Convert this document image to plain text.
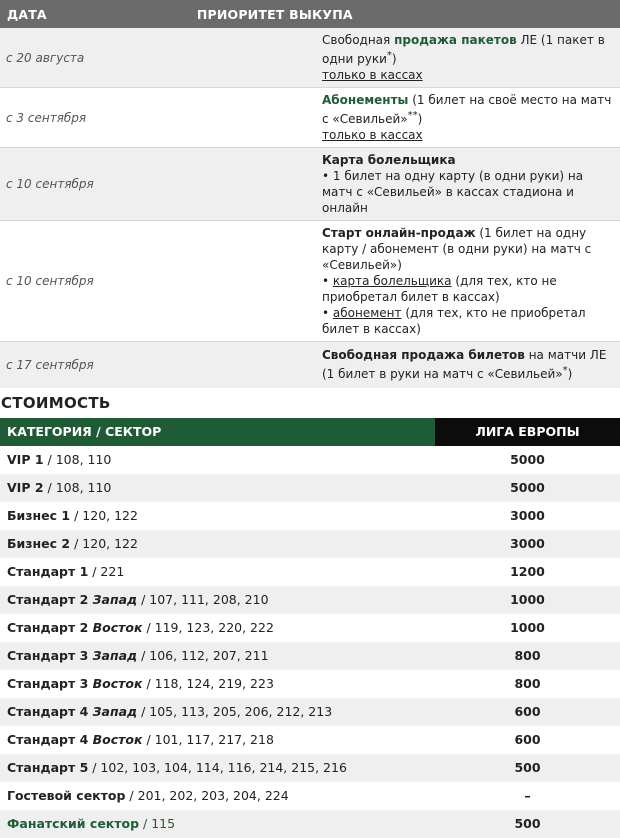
ДАТА ПРИОРИТЕТ ВЫКУПА	
с 20 августа	Свободная продажа пакетов ЛЕ (1 пакет в одни руки*)
только в кассах
с 3 сентября	Абонементы (1 билет на своё место на матч с «Севильей»**)
только в кассах
с 10 сентября	Карта болельщика
• 1 билет на одну карту (в одни руки) на матч с «Севильей» в кассах стадиона и онлайн
с 10 сентября	Старт онлайн-продаж (1 билет на одну карту / абонемент (в одни руки) на матч с «Севильей»)
• карта болельщика (для тех, кто не приобретал билет в кассах)
• абонемент (для тех, кто не приобретал билет в кассах)
с 17 сентября	Свободная продажа билетов на матчи ЛЕ (1 билет в руки на матч с «Севильей»*)
СТОИМОСТЬ
КАТЕГОРИЯ / СЕКТОР	ЛИГА ЕВРОПЫ
VIP 1 / 108, 110	5000
VIP 2 / 108, 110	5000
Бизнес 1 / 120, 122	3000
Бизнес 2 / 120, 122	3000
Стандарт 1 / 221	1200
Стандарт 2 Запад / 107, 111, 208, 210	1000
Стандарт 2 Восток / 119, 123, 220, 222	1000
Стандарт 3 Запад / 106, 112, 207, 211	800
Стандарт 3 Восток / 118, 124, 219, 223	800
Стандарт 4 Запад / 105, 113, 205, 206, 212, 213	600
Стандарт 4 Восток / 101, 117, 217, 218	600
Стандарт 5 / 102, 103, 104, 114, 116, 214, 215, 216	500
Гостевой сектор / 201, 202, 203, 204, 224	–
Фанатский сектор / 115	500
